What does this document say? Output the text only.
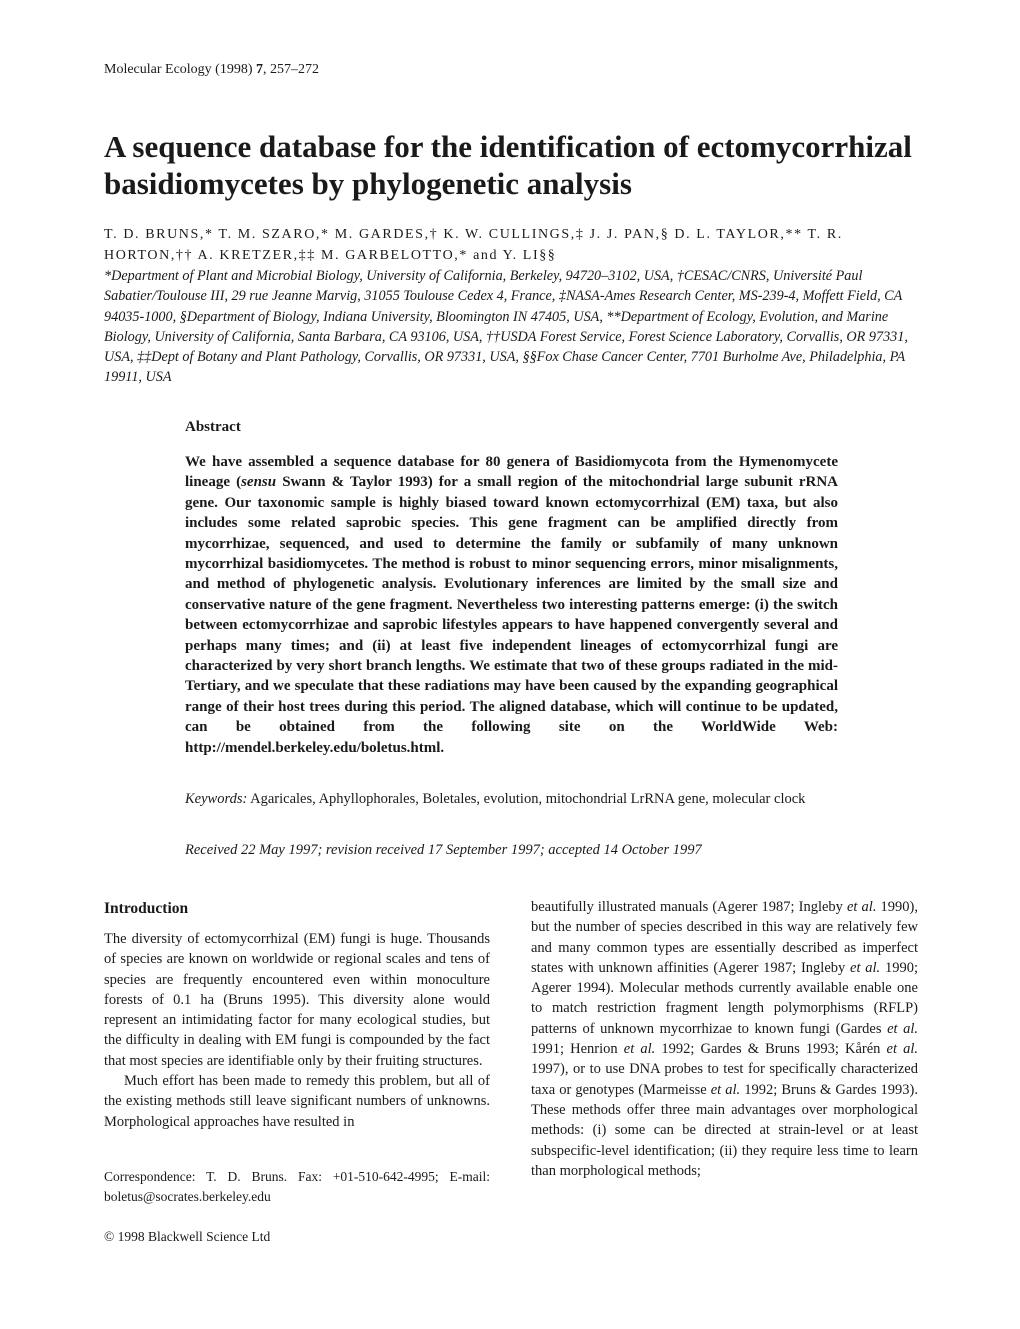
Molecular Ecology (1998) 7, 257–272
A sequence database for the identification of ectomycorrhizal basidiomycetes by phylogenetic analysis
T. D. BRUNS,* T. M. SZARO,* M. GARDES,† K. W. CULLINGS,‡ J. J. PAN,§ D. L. TAYLOR,** T. R. HORTON,†† A. KRETZER,‡‡ M. GARBELOTTO,* and Y. LI§§
*Department of Plant and Microbial Biology, University of California, Berkeley, 94720–3102, USA, †CESAC/CNRS, Université Paul Sabatier/Toulouse III, 29 rue Jeanne Marvig, 31055 Toulouse Cedex 4, France, ‡NASA-Ames Research Center, MS-239-4, Moffett Field, CA 94035-1000, §Department of Biology, Indiana University, Bloomington IN 47405, USA, **Department of Ecology, Evolution, and Marine Biology, University of California, Santa Barbara, CA 93106, USA, ††USDA Forest Service, Forest Science Laboratory, Corvallis, OR 97331, USA, ‡‡Dept of Botany and Plant Pathology, Corvallis, OR 97331, USA, §§Fox Chase Cancer Center, 7701 Burholme Ave, Philadelphia, PA 19911, USA
Abstract
We have assembled a sequence database for 80 genera of Basidiomycota from the Hymenomycete lineage (sensu Swann & Taylor 1993) for a small region of the mitochondrial large subunit rRNA gene. Our taxonomic sample is highly biased toward known ectomycorrhizal (EM) taxa, but also includes some related saprobic species. This gene fragment can be amplified directly from mycorrhizae, sequenced, and used to determine the family or subfamily of many unknown mycorrhizal basidiomycetes. The method is robust to minor sequencing errors, minor misalignments, and method of phylogenetic analysis. Evolutionary inferences are limited by the small size and conservative nature of the gene fragment. Nevertheless two interesting patterns emerge: (i) the switch between ectomycorrhizae and saprobic lifestyles appears to have happened convergently several and perhaps many times; and (ii) at least five independent lineages of ectomycorrhizal fungi are characterized by very short branch lengths. We estimate that two of these groups radiated in the mid-Tertiary, and we speculate that these radiations may have been caused by the expanding geographical range of their host trees during this period. The aligned database, which will continue to be updated, can be obtained from the following site on the WorldWide Web: http://mendel.berkeley.edu/boletus.html.
Keywords: Agaricales, Aphyllophorales, Boletales, evolution, mitochondrial LrRNA gene, molecular clock
Received 22 May 1997; revision received 17 September 1997; accepted 14 October 1997
Introduction

The diversity of ectomycorrhizal (EM) fungi is huge. Thousands of species are known on worldwide or regional scales and tens of species are frequently encountered even within monoculture forests of 0.1 ha (Bruns 1995). This diversity alone would represent an intimidating factor for many ecological studies, but the difficulty in dealing with EM fungi is compounded by the fact that most species are identifiable only by their fruiting structures.

Much effort has been made to remedy this problem, but all of the existing methods still leave significant numbers of unknowns. Morphological approaches have resulted in

Correspondence: T. D. Bruns. Fax: +01-510-642-4995; E-mail: boletus@socrates.berkeley.edu
© 1998 Blackwell Science Ltd

beautifully illustrated manuals (Agerer 1987; Ingleby et al. 1990), but the number of species described in this way are relatively few and many common types are essentially described as imperfect states with unknown affinities (Agerer 1987; Ingleby et al. 1990; Agerer 1994). Molecular methods currently available enable one to match restriction fragment length polymorphisms (RFLP) patterns of unknown mycorrhizae to known fungi (Gardes et al. 1991; Henrion et al. 1992; Gardes & Bruns 1993; Kårén et al. 1997), or to use DNA probes to test for specifically characterized taxa or genotypes (Marmeisse et al. 1992; Bruns & Gardes 1993). These methods offer three main advantages over morphological methods: (i) some can be directed at strain-level or at least subspecific-level identification; (ii) they require less time to learn than morphological methods;
